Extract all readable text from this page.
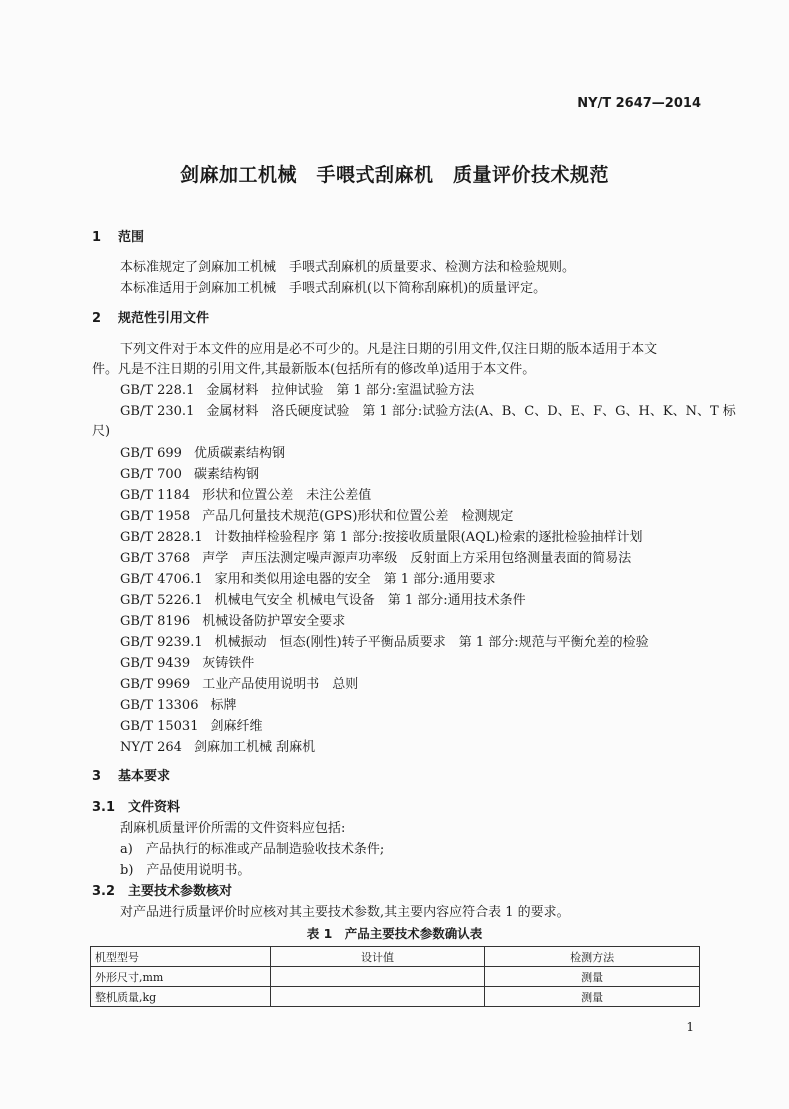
NY/T 2647—2014
剑麻加工机械　手喂式刮麻机　质量评价技术规范
1 范围
本标准规定了剑麻加工机械　手喂式刮麻机的质量要求、检测方法和检验规则。
本标准适用于剑麻加工机械　手喂式刮麻机(以下简称刮麻机)的质量评定。
2 规范性引用文件
下列文件对于本文件的应用是必不可少的。凡是注日期的引用文件,仅注日期的版本适用于本文
件。凡是不注日期的引用文件,其最新版本(包括所有的修改单)适用于本文件。
GB/T 228.1 金属材料　拉伸试验　第 1 部分:室温试验方法
GB/T 230.1 金属材料　洛氏硬度试验　第 1 部分:试验方法(A、B、C、D、E、F、G、H、K、N、T 标
尺)
GB/T 699 优质碳素结构钢
GB/T 700 碳素结构钢
GB/T 1184 形状和位置公差　未注公差值
GB/T 1958 产品几何量技术规范(GPS)形状和位置公差　检测规定
GB/T 2828.1 计数抽样检验程序 第 1 部分:按接收质量限(AQL)检索的逐批检验抽样计划
GB/T 3768 声学　声压法测定噪声源声功率级　反射面上方采用包络测量表面的简易法
GB/T 4706.1 家用和类似用途电器的安全　第 1 部分:通用要求
GB/T 5226.1 机械电气安全 机械电气设备　第 1 部分:通用技术条件
GB/T 8196 机械设备防护罩安全要求
GB/T 9239.1 机械振动　恒态(刚性)转子平衡品质要求　第 1 部分:规范与平衡允差的检验
GB/T 9439 灰铸铁件
GB/T 9969 工业产品使用说明书　总则
GB/T 13306 标牌
GB/T 15031 剑麻纤维
NY/T 264 剑麻加工机械 刮麻机
3 基本要求
3.1 文件资料
刮麻机质量评价所需的文件资料应包括:
a)　产品执行的标准或产品制造验收技术条件;
b)　产品使用说明书。
3.2 主要技术参数核对
对产品进行质量评价时应核对其主要技术参数,其主要内容应符合表 1 的要求。
表 1　产品主要技术参数确认表
机型型号	设计值	检测方法
外形尺寸,mm		测量
整机质量,kg		测量
1
